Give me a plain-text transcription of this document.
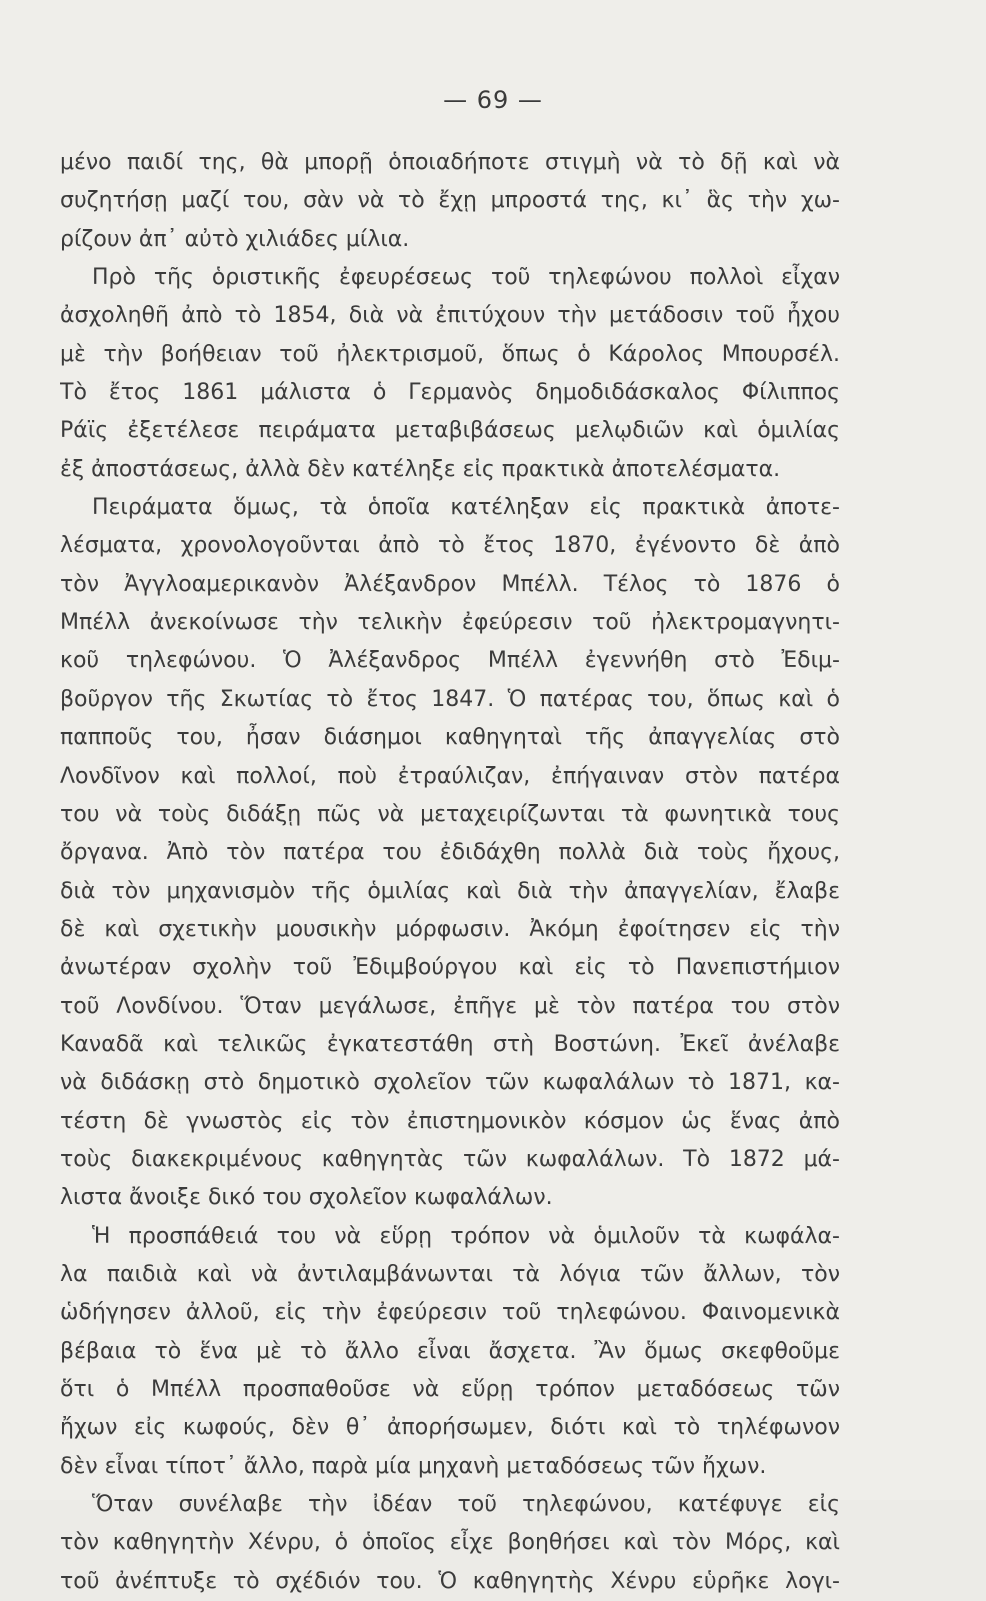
— 69 —
μένο παιδί της, θὰ μπορῇ ὁποιαδήποτε στιγμὴ νὰ τὸ δῇ καὶ νὰ
συζητήσῃ μαζί του, σὰν νὰ τὸ ἔχῃ μπροστά της, κι᾽ ἃς τὴν χω-
ρίζουν ἀπ᾽ αὐτὸ χιλιάδες μίλια.
Πρὸ τῆς ὁριστικῆς ἐφευρέσεως τοῦ τηλεφώνου πολλοὶ εἶχαν
ἀσχοληθῆ ἀπὸ τὸ 1854, διὰ νὰ ἐπιτύχουν τὴν μετάδοσιν τοῦ ἦχου
μὲ τὴν βοήθειαν τοῦ ἠλεκτρισμοῦ, ὅπως ὁ Κάρολος Μπουρσέλ.
Τὸ ἔτος 1861 μάλιστα ὁ Γερμανὸς δημοδιδάσκαλος Φίλιππος
Ράϊς ἐξετέλεσε πειράματα μεταβιβάσεως μελῳδιῶν καὶ ὁμιλίας
ἐξ ἀποστάσεως, ἀλλὰ δὲν κατέληξε εἰς πρακτικὰ ἀποτελέσματα.
Πειράματα ὅμως, τὰ ὁποῖα κατέληξαν εἰς πρακτικὰ ἀποτε-
λέσματα, χρονολογοῦνται ἀπὸ τὸ ἔτος 1870, ἐγένοντο δὲ ἀπὸ
τὸν Ἀγγλοαμερικανὸν Ἀλέξανδρον Μπέλλ. Τέλος τὸ 1876 ὁ
Μπέλλ ἀνεκοίνωσε τὴν τελικὴν ἐφεύρεσιν τοῦ ἠλεκτρομαγνητι-
κοῦ τηλεφώνου. Ὁ Ἀλέξανδρος Μπέλλ ἐγεννήθη στὸ Ἐδιμ-
βοῦργον τῆς Σκωτίας τὸ ἔτος 1847. Ὁ πατέρας του, ὅπως καὶ ὁ
παπποῦς του, ἦσαν διάσημοι καθηγηταὶ τῆς ἀπαγγελίας στὸ
Λονδῖνον καὶ πολλοί, ποὺ ἐτραύλιζαν, ἐπήγαιναν στὸν πατέρα
του νὰ τοὺς διδάξῃ πῶς νὰ μεταχειρίζωνται τὰ φωνητικὰ τους
ὄργανα. Ἀπὸ τὸν πατέρα του ἐδιδάχθη πολλὰ διὰ τοὺς ἤχους,
διὰ τὸν μηχανισμὸν τῆς ὁμιλίας καὶ διὰ τὴν ἀπαγγελίαν, ἔλαβε
δὲ καὶ σχετικὴν μουσικὴν μόρφωσιν. Ἀκόμη ἐφοίτησεν εἰς τὴν
ἀνωτέραν σχολὴν τοῦ Ἐδιμβούργου καὶ εἰς τὸ Πανεπιστήμιον
τοῦ Λονδίνου. Ὅταν μεγάλωσε, ἐπῆγε μὲ τὸν πατέρα του στὸν
Καναδᾶ καὶ τελικῶς ἐγκατεστάθη στὴ Βοστώνη. Ἐκεῖ ἀνέλαβε
νὰ διδάσκῃ στὸ δημοτικὸ σχολεῖον τῶν κωφαλάλων τὸ 1871, κα-
τέστη δὲ γνωστὸς εἰς τὸν ἐπιστημονικὸν κόσμον ὡς ἕνας ἀπὸ
τοὺς διακεκριμένους καθηγητὰς τῶν κωφαλάλων. Τὸ 1872 μά-
λιστα ἄνοιξε δικό του σχολεῖον κωφαλάλων.
Ἡ προσπάθειά του νὰ εὕρῃ τρόπον νὰ ὁμιλοῦν τὰ κωφάλα-
λα παιδιὰ καὶ νὰ ἀντιλαμβάνωνται τὰ λόγια τῶν ἄλλων, τὸν
ὡδήγησεν ἀλλοῦ, εἰς τὴν ἐφεύρεσιν τοῦ τηλεφώνου. Φαινομενικὰ
βέβαια τὸ ἕνα μὲ τὸ ἄλλο εἶναι ἄσχετα. Ἂν ὅμως σκεφθοῦμε
ὅτι ὁ Μπέλλ προσπαθοῦσε νὰ εὕρῃ τρόπον μεταδόσεως τῶν
ἤχων εἰς κωφούς, δὲν θ᾽ ἀπορήσωμεν, διότι καὶ τὸ τηλέφωνον
δὲν εἶναι τίποτ᾽ ἄλλο, παρὰ μία μηχανὴ μεταδόσεως τῶν ἤχων.
Ὅταν συνέλαβε τὴν ἰδέαν τοῦ τηλεφώνου, κατέφυγε εἰς
τὸν καθηγητὴν Χένρυ, ὁ ὁποῖος εἶχε βοηθήσει καὶ τὸν Μόρς, καὶ
τοῦ ἀνέπτυξε τὸ σχέδιόν του. Ὁ καθηγητὴς Χένρυ εὑρῆκε λογι-
